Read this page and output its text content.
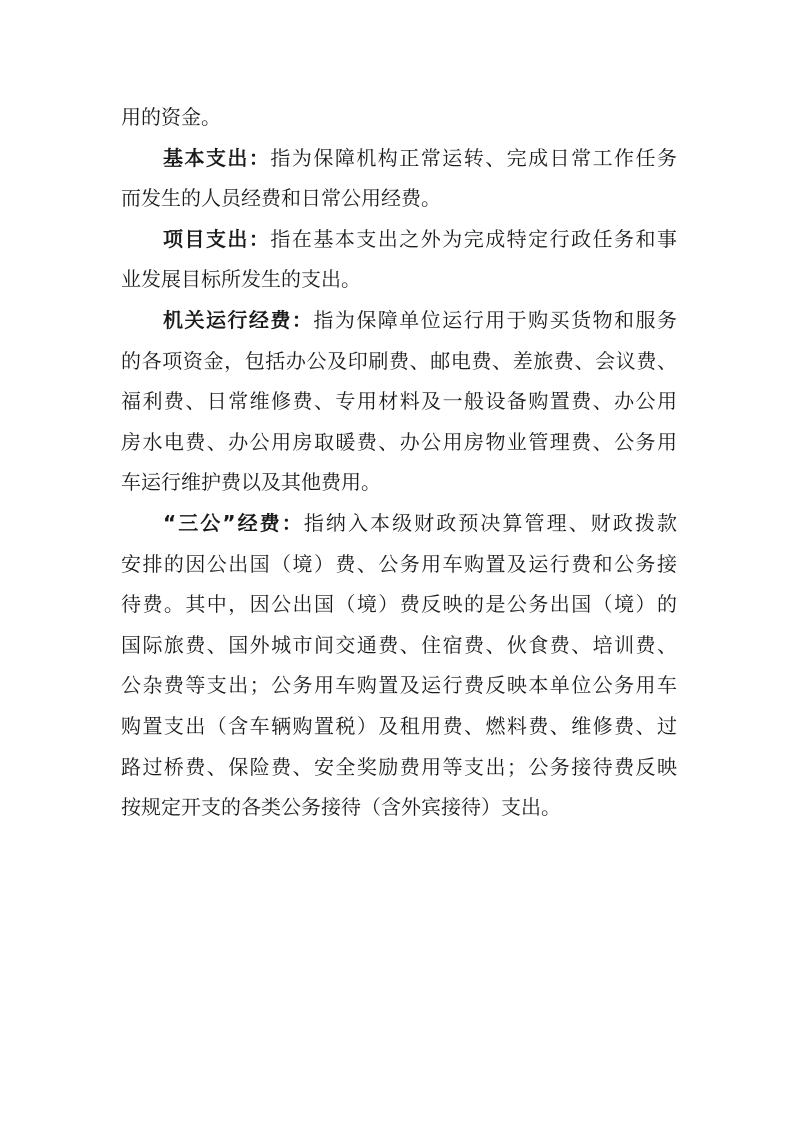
用的资金。
基本支出：指为保障机构正常运转、完成日常工作任务
而发生的人员经费和日常公用经费。
项目支出：指在基本支出之外为完成特定行政任务和事
业发展目标所发生的支出。
机关运行经费：指为保障单位运行用于购买货物和服务
的各项资金，包括办公及印刷费、邮电费、差旅费、会议费、
福利费、日常维修费、专用材料及一般设备购置费、办公用
房水电费、办公用房取暖费、办公用房物业管理费、公务用
车运行维护费以及其他费用。
“三公”经费：指纳入本级财政预决算管理、财政拨款
安排的因公出国（境）费、公务用车购置及运行费和公务接
待费。其中，因公出国（境）费反映的是公务出国（境）的
国际旅费、国外城市间交通费、住宿费、伙食费、培训费、
公杂费等支出；公务用车购置及运行费反映本单位公务用车
购置支出（含车辆购置税）及租用费、燃料费、维修费、过
路过桥费、保险费、安全奖励费用等支出；公务接待费反映
按规定开支的各类公务接待（含外宾接待）支出。
